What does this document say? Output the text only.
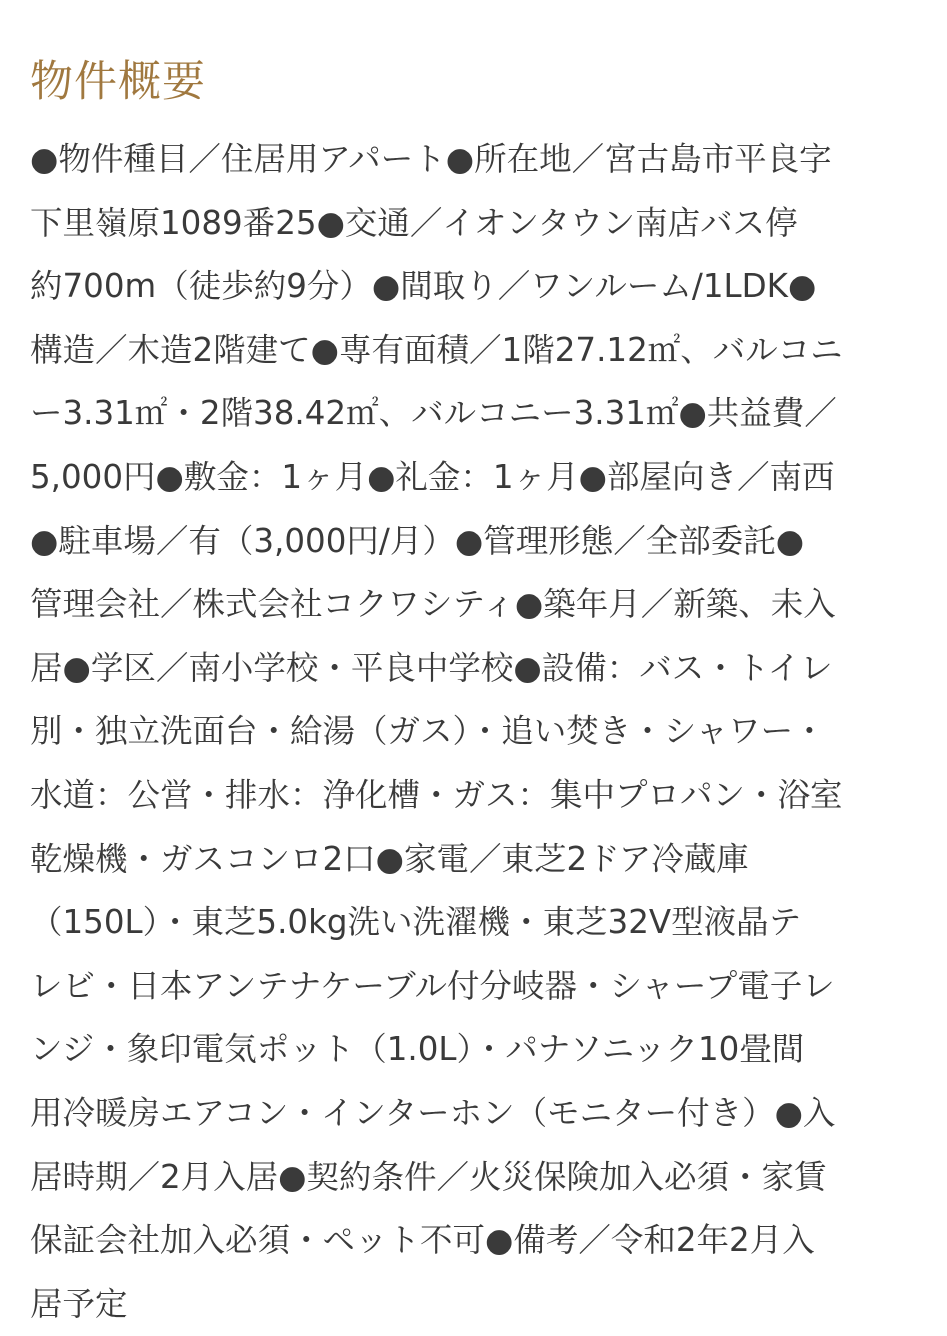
物件概要
●物件種目／住居用アパート●所在地／宮古島市平良字
下里嶺原1089番25●交通／イオンタウン南店バス停
約700m（徒歩約9分）●間取り／ワンルーム/1LDK●
構造／木造2階建て●専有面積／1階27.12㎡、バルコニ
ー3.31㎡・2階38.42㎡、バルコニー3.31㎡●共益費／
5,000円●敷金：1ヶ月●礼金：1ヶ月●部屋向き／南西
●駐車場／有（3,000円/月）●管理形態／全部委託●
管理会社／株式会社コクワシティ●築年月／新築、未入
居●学区／南小学校・平良中学校●設備：バス・トイレ
別・独立洗面台・給湯（ガス）・追い焚き・シャワー・
水道：公営・排水：浄化槽・ガス：集中プロパン・浴室
乾燥機・ガスコンロ2口●家電／東芝2ドア冷蔵庫
（150L）・東芝5.0kg洗い洗濯機・東芝32V型液晶テ
レビ・日本アンテナケーブル付分岐器・シャープ電子レ
ンジ・象印電気ポット（1.0L）・パナソニック10畳間
用冷暖房エアコン・インターホン（モニター付き）●入
居時期／2月入居●契約条件／火災保険加入必須・家賃
保証会社加入必須・ペット不可●備考／令和2年2月入
居予定
